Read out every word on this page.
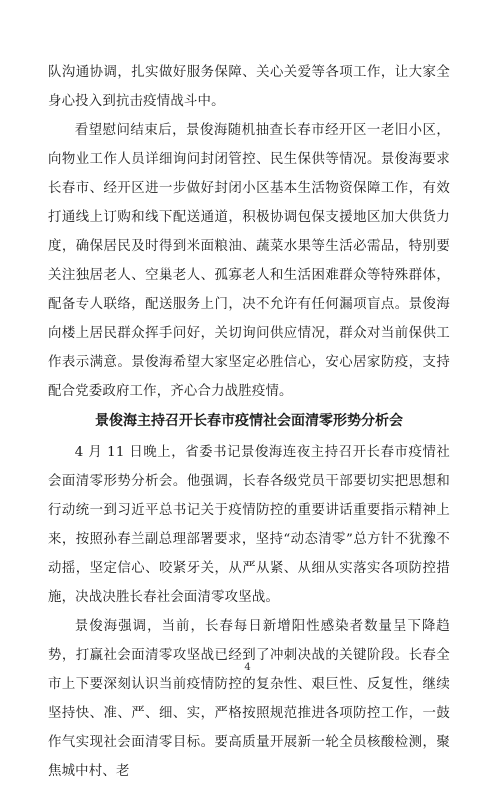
队沟通协调，扎实做好服务保障、关心关爱等各项工作，让大家全身心投入到抗击疫情战斗中。

看望慰问结束后，景俊海随机抽查长春市经开区一老旧小区，向物业工作人员详细询问封闭管控、民生保供等情况。景俊海要求长春市、经开区进一步做好封闭小区基本生活物资保障工作，有效打通线上订购和线下配送通道，积极协调包保支援地区加大供货力度，确保居民及时得到米面粮油、蔬菜水果等生活必需品，特别要关注独居老人、空巢老人、孤寡老人和生活困难群众等特殊群体，配备专人联络，配送服务上门，决不允许有任何漏项盲点。景俊海向楼上居民群众挥手问好，关切询问供应情况，群众对当前保供工作表示满意。景俊海希望大家坚定必胜信心，安心居家防疫，支持配合党委政府工作，齐心合力战胜疫情。

景俊海主持召开长春市疫情社会面清零形势分析会

4 月 11 日晚上，省委书记景俊海连夜主持召开长春市疫情社会面清零形势分析会。他强调，长春各级党员干部要切实把思想和行动统一到习近平总书记关于疫情防控的重要讲话重要指示精神上来，按照孙春兰副总理部署要求，坚持“动态清零”总方针不犹豫不动摇，坚定信心、咬紧牙关，从严从紧、从细从实落实各项防控措施，决战决胜长春社会面清零攻坚战。

景俊海强调，当前，长春每日新增阳性感染者数量呈下降趋势，打赢社会面清零攻坚战已经到了冲刺决战的关键阶段。长春全市上下要深刻认识当前疫情防控的复杂性、艰巨性、反复性，继续坚持快、准、严、细、实，严格按照规范推进各项防控工作，一鼓作气实现社会面清零目标。要高质量开展新一轮全员核酸检测，聚焦城中村、老

4
